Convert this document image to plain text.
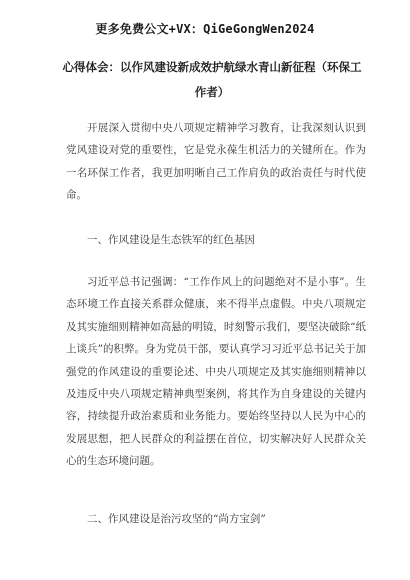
更多免费公文+VX：QiGeGongWen2024
心得体会：以作风建设新成效护航绿水青山新征程（环保工作者）
开展深入贯彻中央八项规定精神学习教育，让我深刻认识到党风建设对党的重要性，它是党永葆生机活力的关键所在。作为一名环保工作者，我更加明晰自己工作肩负的政治责任与时代使命。
一、作风建设是生态铁军的红色基因
习近平总书记强调：“工作作风上的问题绝对不是小事”。生态环境工作直接关系群众健康，来不得半点虚假。中央八项规定及其实施细则精神如高悬的明镜，时刻警示我们，要坚决破除“纸上谈兵”的积弊。身为党员干部，要认真学习习近平总书记关于加强党的作风建设的重要论述、中央八项规定及其实施细则精神以及违反中央八项规定精神典型案例，将其作为自身建设的关键内容，持续提升政治素质和业务能力。要始终坚持以人民为中心的发展思想，把人民群众的利益摆在首位，切实解决好人民群众关心的生态环境问题。
二、作风建设是治污攻坚的“尚方宝剑”
